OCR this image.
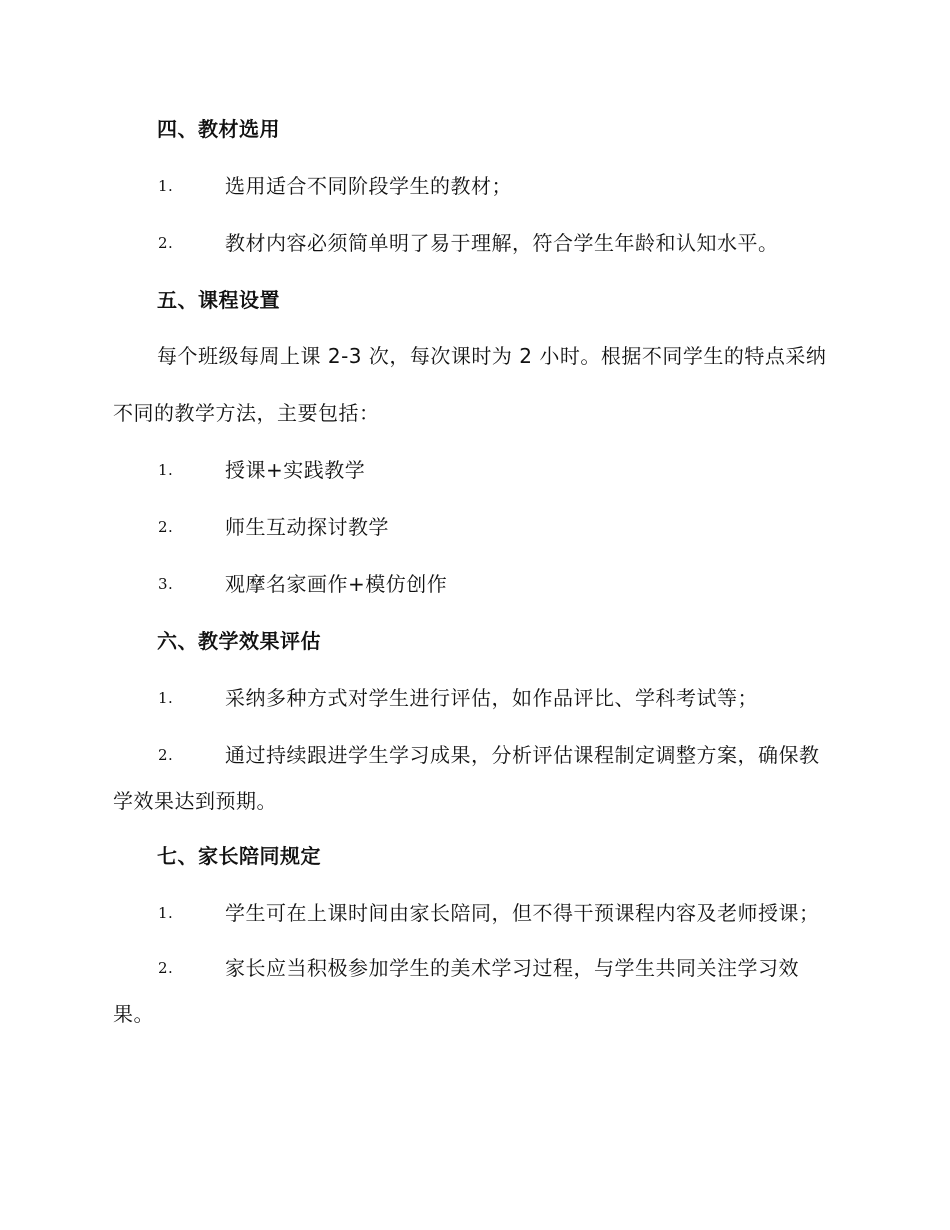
四、教材选用
1.	选用适合不同阶段学生的教材；
2.	教材内容必须简单明了易于理解，符合学生年龄和认知水平。
五、课程设置
每个班级每周上课 2-3 次，每次课时为 2 小时。根据不同学生的特点采纳不同的教学方法，主要包括：
1.	授课+实践教学
2.	师生互动探讨教学
3.	观摩名家画作+模仿创作
六、教学效果评估
1.	采纳多种方式对学生进行评估，如作品评比、学科考试等；
2.	通过持续跟进学生学习成果，分析评估课程制定调整方案，确保教学效果达到预期。
七、家长陪同规定
1.	学生可在上课时间由家长陪同，但不得干预课程内容及老师授课；
2.	家长应当积极参加学生的美术学习过程，与学生共同关注学习效果。
